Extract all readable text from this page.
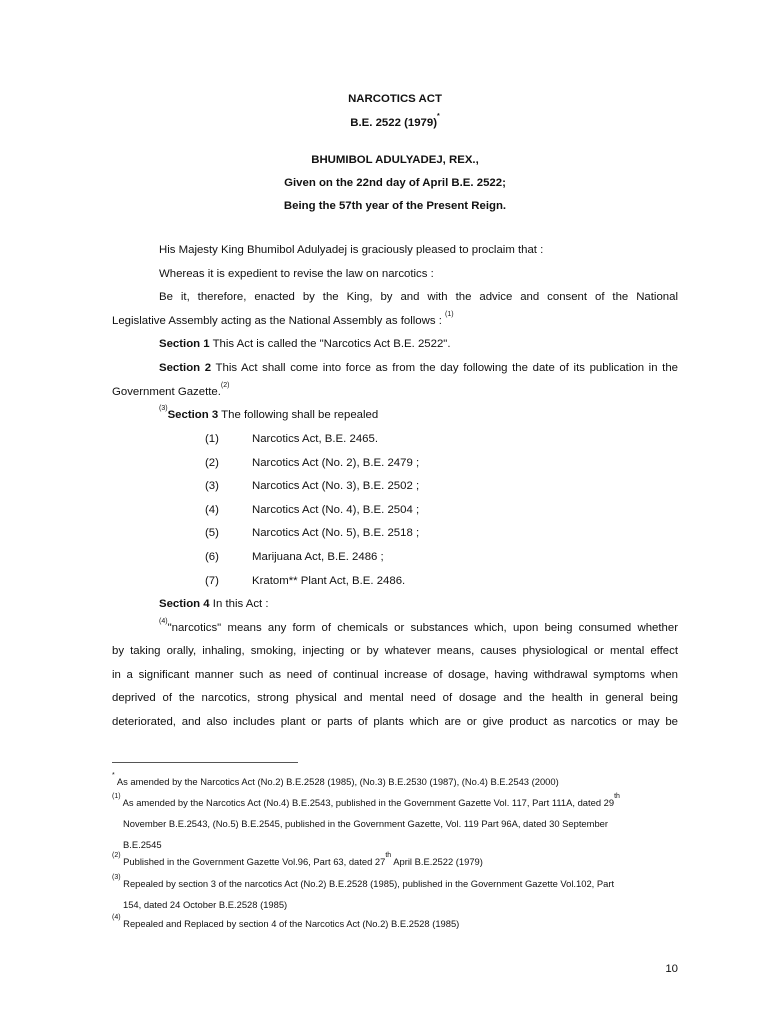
NARCOTICS ACT
B.E. 2522 (1979)*
BHUMIBOL ADULYADEJ, REX.,
Given on the 22nd day of April B.E. 2522;
Being the 57th year of the Present Reign.
His Majesty King Bhumibol Adulyadej is graciously pleased to proclaim that :
Whereas it is expedient to revise the law on narcotics :
Be it, therefore, enacted by the King, by and with the advice and consent of the National
Legislative Assembly acting as the National Assembly as follows : $^{(1)}$
Section 1 This Act is called the "Narcotics Act B.E. 2522".
Section 2 This Act shall come into force as from the day following the date of its publication in the
Government Gazette.$^{(2)}$
$^{(3)}$Section 3 The following shall be repealed
(1)	Narcotics Act, B.E. 2465.
(2)	Narcotics Act (No. 2), B.E. 2479 ;
(3)	Narcotics Act (No. 3), B.E. 2502 ;
(4)	Narcotics Act (No. 4), B.E. 2504 ;
(5)	Narcotics Act (No. 5), B.E. 2518 ;
(6)	Marijuana Act, B.E. 2486 ;
(7)	Kratom** Plant Act, B.E. 2486.
Section 4 In this Act :
$^{(4)}$"narcotics" means any form of chemicals or substances which, upon being consumed whether
by taking orally, inhaling, smoking, injecting or by whatever means, causes physiological or mental effect
in a significant manner such as need of continual increase of dosage, having withdrawal symptoms when
deprived of the narcotics, strong physical and mental need of dosage and the health in general being
deteriorated, and also includes plant or parts of plants which are or give product as narcotics or may be
* As amended by the Narcotics Act (No.2) B.E.2528 (1985), (No.3) B.E.2530 (1987), (No.4) B.E.2543 (2000)
$^{(1)}$ As amended by the Narcotics Act (No.4) B.E.2543, published in the Government Gazette Vol. 117, Part 111A, dated 29th
November B.E.2543, (No.5) B.E.2545, published in the Government Gazette, Vol. 119 Part 96A, dated 30 September
B.E.2545
$^{(2)}$ Published in the Government Gazette Vol.96, Part 63, dated 27th April B.E.2522 (1979)
$^{(3)}$ Repealed by section 3 of the narcotics Act (No.2) B.E.2528 (1985), published in the Government Gazette Vol.102, Part
154, dated 24 October B.E.2528 (1985)
$^{(4)}$ Repealed and Replaced by section 4 of the Narcotics Act (No.2) B.E.2528 (1985)
10
